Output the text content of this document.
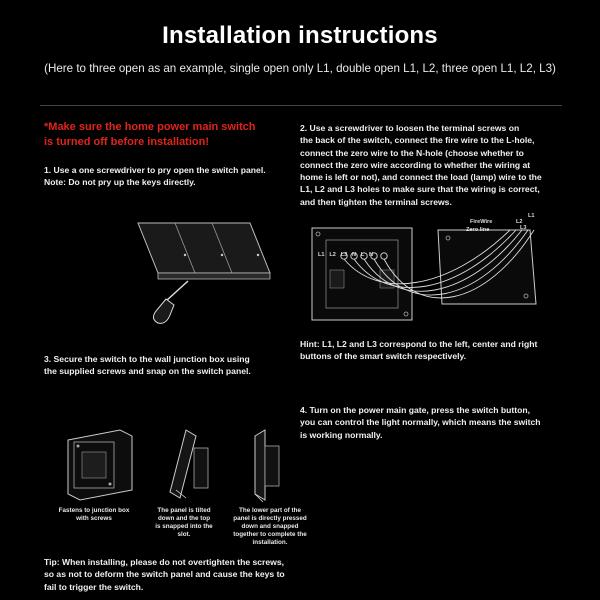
Installation instructions
(Here to three open as an example, single open only L1, double open L1, L2, three open L1, L2, L3)
*Make sure the home power main switch
is turned off before installation!
1. Use a one screwdriver to pry open the switch panel.
Note: Do not pry up the keys directly.
3. Secure the switch to the wall junction box using
the supplied screws and snap on the switch panel.
Fastens to junction box
with screws
The panel is tilted
down and the top
is snapped into the
slot.
The lower part of the
panel is directly pressed
down and snapped
together to complete the
installation.
Tip: When installing, please do not overtighten the screws,
so as not to deform the switch panel and cause the keys to
fail to trigger the switch.
2. Use a screwdriver to loosen the terminal screws on
the back of the switch, connect the fire wire to the L-hole,
connect the zero wire to the N-hole (choose whether to
connect the zero wire according to whether the wiring at
home is left or not), and connect the load (lamp) wire to the
L1, L2 and L3 holes to make sure that the wiring is correct,
and then tighten the terminal screws.
L1 L2 L3 N L N
FireWire
Zero line
L1
L2
L3
Hint: L1, L2 and L3 correspond to the left, center and right
buttons of the smart switch respectively.
4. Turn on the power main gate, press the switch button,
you can control the light normally, which means the switch
is working normally.
